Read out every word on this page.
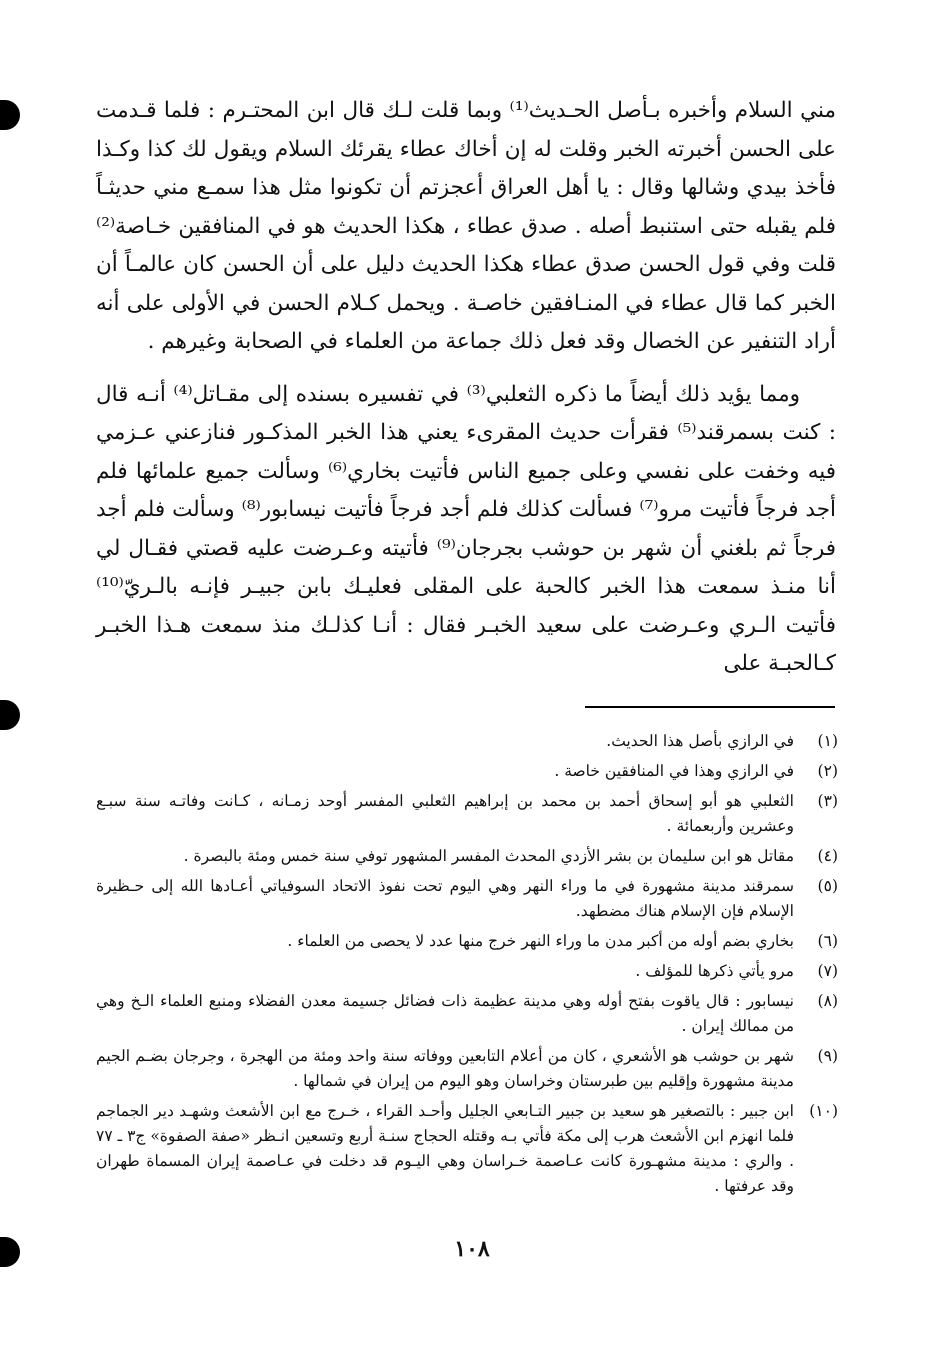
مني السلام وأخبره بـأصل الحـديث⁽¹⁾ وبما قلت لـك قال ابن المحتـرم : فلما قـدمت على الحسن أخبرته الخبر وقلت له إن أخاك عطاء يقرئك السلام ويقول لك كذا وكـذا فأخذ بيدي وشالها وقال : يا أهل العراق أعجزتم أن تكونوا مثل هذا سمـع مني حديثـاً فلم يقبله حتى استنبط أصله . صدق عطاء ، هكذا الحديث هو في المنافقين خـاصة⁽²⁾ قلت وفي قول الحسن صدق عطاء هكذا الحديث دليل على أن الحسن كان عالمـاً أن الخبر كما قال عطاء في المنـافقين خاصـة . ويحمل كـلام الحسن في الأولى على أنه أراد التنفير عن الخصال وقد فعل ذلك جماعة من العلماء في الصحابة وغيرهم .

ومما يؤيد ذلك أيضاً ما ذكره الثعلبي⁽³⁾ في تفسيره بسنده إلى مقـاتل⁽⁴⁾ أنـه قال : كنت بسمرقند⁽⁵⁾ فقرأت حديث المقرىء يعني هذا الخبر المذكـور فنازعني عـزمي فيه وخفت على نفسي وعلى جميع الناس فأتيت بخاري⁽⁶⁾ وسألت جميع علمائها فلم أجد فرجاً فأتيت مرو⁽⁷⁾ فسألت كذلك فلم أجد فرجاً فأتيت نيسابور⁽⁸⁾ وسألت فلم أجد فرجاً ثم بلغني أن شهر بن حوشب بجرجان⁽⁹⁾ فأتيته وعـرضت عليه قصتي فقـال لي أنا منـذ سمعت هذا الخبر كالحبة على المقلى فعليـك بابن جبيـر فإنـه بالـريّ⁽¹⁰⁾ فأتيت الـري وعـرضت على سعيد الخبـر فقال : أنـا كذلـك منذ سمعت هـذا الخبـر كـالحبـة على

(١)
في الرازي بأصل هذا الحديث.
(٢)
في الرازي وهذا في المنافقين خاصة .
(٣)
الثعلبي هو أبو إسحاق أحمد بن محمد بن إبراهيم الثعلبي المفسر أوحد زمـانه ، كـانت وفاتـه سنة سبـع وعشرين وأربعمائة .
(٤)
مقاتل هو ابن سليمان بن بشر الأزدي المحدث المفسر المشهور توفي سنة خمس ومئة بالبصرة .
(٥)
سمرقند مدينة مشهورة في ما وراء النهر وهي اليوم تحت نفوذ الاتحاد السوفياتي أعـادها الله إلى حـظيرة الإسلام فإن الإسلام هناك مضطهد.
(٦)
بخاري بضم أوله من أكبر مدن ما وراء النهر خرج منها عدد لا يحصى من العلماء .
(٧)
مرو يأتي ذكرها للمؤلف .
(٨)
نيسابور : قال ياقوت بفتح أوله وهي مدينة عظيمة ذات فضائل جسيمة معدن الفضلاء ومنبع العلماء الـخ وهي من ممالك إيران .
(٩)
شهر بن حوشب هو الأشعري ، كان من أعلام التابعين ووفاته سنة واحد ومئة من الهجرة ، وجرجان بضـم الجيم مدينة مشهورة وإقليم بين طبرستان وخراسان وهو اليوم من إيران في شمالها .
(١٠)
ابن جبير : بالتصغير هو سعيد بن جبير التـابعي الجليل وأحـد القراء ، خـرج مع ابن الأشعث وشهـد دير الجماجم فلما انهزم ابن الأشعث هرب إلى مكة فأتي بـه وقتله الحجاج سنـة أربع وتسعين انـظر «صفة الصفوة» ج٣ ـ ٧٧ . والري : مدينة مشهـورة كانت عـاصمة خـراسان وهي اليـوم قد دخلت في عـاصمة إيران المسماة طهران وقد عرفتها .
١٠٨
